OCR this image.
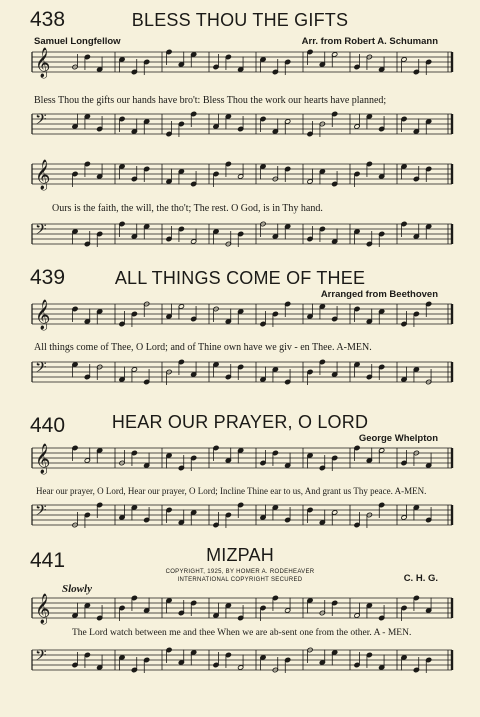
438	BLESS THOU THE GIFTS
Samuel Longfellow	Arr. from Robert A. Schumann
𝄞
Bless Thou the gifts our hands have bro't: Bless Thou the work our hearts have planned;
𝄢
𝄞
Ours is the faith, the will, the tho't; The rest. O God, is in Thy hand.
𝄢
439	ALL THINGS COME OF THEE
Arranged from Beethoven
𝄞
All things come of Thee, O Lord; and of Thine own have we giv - en Thee. A-MEN.
𝄢
440	HEAR OUR PRAYER, O LORD
George Whelpton
𝄞
Hear our prayer, O Lord, Hear our prayer, O Lord; Incline Thine ear to us, And grant us Thy peace. A-MEN.
𝄢
441	MIZPAH
COPYRIGHT, 1925, BY HOMER A. RODEHEAVER
INTERNATIONAL COPYRIGHT SECURED	C. H. G.
Slowly
𝄞
The Lord watch between me and thee When we are ab-sent one from the other. A - MEN.
𝄢
